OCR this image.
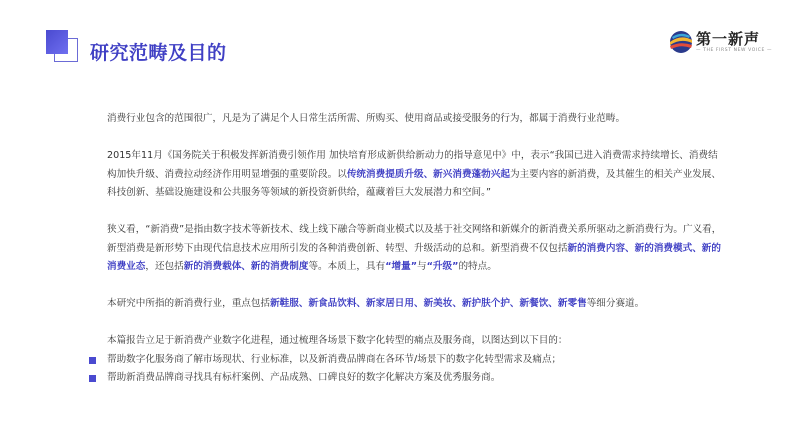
研究范畴及目的
第一新声
— THE FIRST NEW VOICE —

消费行业包含的范围很广，凡是为了满足个人日常生活所需、所购买、使用商品或接受服务的行为，都属于消费行业范畴。

2015年11月《国务院关于积极发挥新消费引领作用 加快培育形成新供给新动力的指导意见中》中，表示“我国已进入消费需求持续增长、消费结构加快升级、消费拉动经济作用明显增强的重要阶段。以传统消费提质升级、新兴消费蓬勃兴起为主要内容的新消费，及其催生的相关产业发展、科技创新、基础设施建设和公共服务等领域的新投资新供给，蕴藏着巨大发展潜力和空间。”

狭义看，“新消费”是指由数字技术等新技术、线上线下融合等新商业模式以及基于社交网络和新媒介的新消费关系所驱动之新消费行为。广义看，新型消费是新形势下由现代信息技术应用所引发的各种消费创新、转型、升级活动的总和。新型消费不仅包括新的消费内容、新的消费模式、新的消费业态，还包括新的消费载体、新的消费制度等。本质上，具有“增量”与“升级”的特点。

本研究中所指的新消费行业，重点包括新鞋服、新食品饮料、新家居日用、新美妆、新护肤个护、新餐饮、新零售等细分赛道。

本篇报告立足于新消费产业数字化进程，通过梳理各场景下数字化转型的痛点及服务商，以图达到以下目的：

帮助数字化服务商了解市场现状、行业标准，以及新消费品牌商在各环节/场景下的数字化转型需求及痛点；
帮助新消费品牌商寻找具有标杆案例、产品成熟、口碑良好的数字化解决方案及优秀服务商。
